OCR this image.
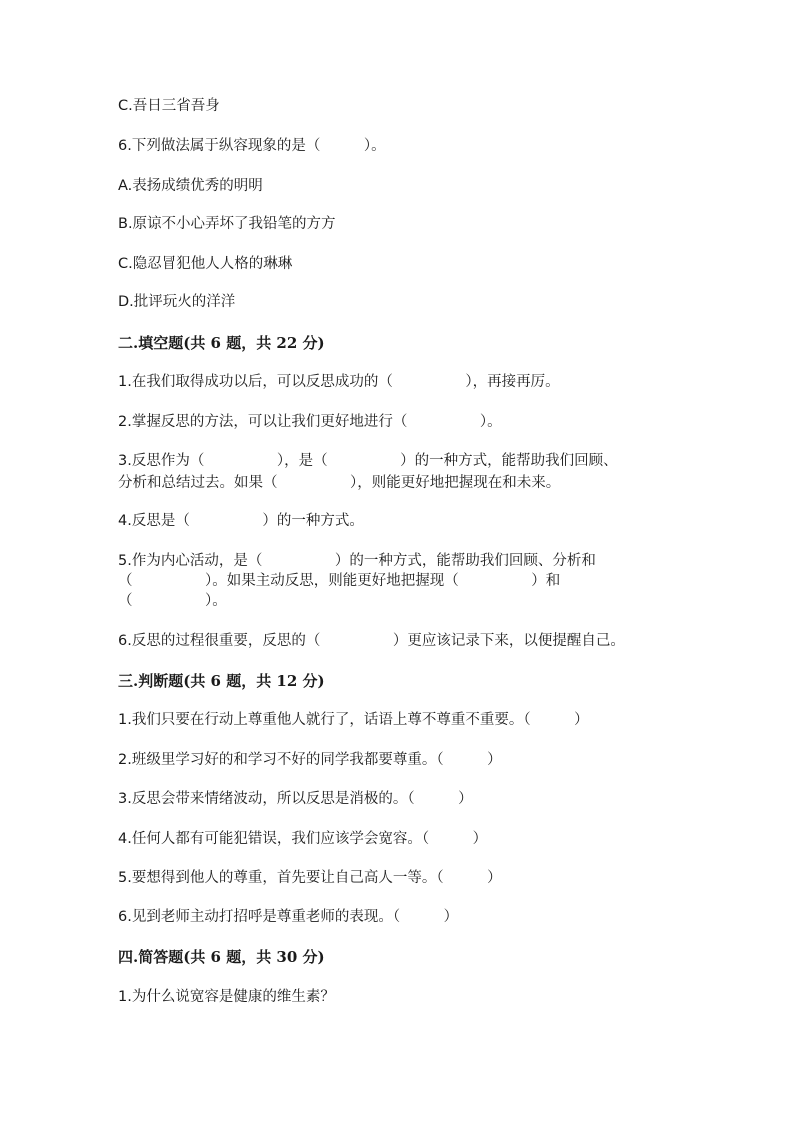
C.吾日三省吾身

6.下列做法属于纵容现象的是（　　　）。

A.表扬成绩优秀的明明

B.原谅不小心弄坏了我铅笔的方方

C.隐忍冒犯他人人格的琳琳

D.批评玩火的洋洋

二.填空题(共 6 题，共 22 分)

1.在我们取得成功以后，可以反思成功的（　　　　　），再接再厉。

2.掌握反思的方法，可以让我们更好地进行（　　　　　）。

3.反思作为（　　　　　），是（　　　　　）的一种方式，能帮助我们回顾、

分析和总结过去。如果（　　　　　），则能更好地把握现在和未来。

4.反思是（　　　　　）的一种方式。

5.作为内心活动，是（　　　　　）的一种方式，能帮助我们回顾、分析和

（　　　　　）。如果主动反思，则能更好地把握现（　　　　　）和

（　　　　　）。

6.反思的过程很重要，反思的（　　　　　）更应该记录下来，以便提醒自己。

三.判断题(共 6 题，共 12 分)

1.我们只要在行动上尊重他人就行了，话语上尊不尊重不重要。（　　　）

2.班级里学习好的和学习不好的同学我都要尊重。（　　　）

3.反思会带来情绪波动，所以反思是消极的。（　　　）

4.任何人都有可能犯错误，我们应该学会宽容。（　　　）

5.要想得到他人的尊重，首先要让自己高人一等。（　　　）

6.见到老师主动打招呼是尊重老师的表现。（　　　）

四.简答题(共 6 题，共 30 分)

1.为什么说宽容是健康的维生素？
